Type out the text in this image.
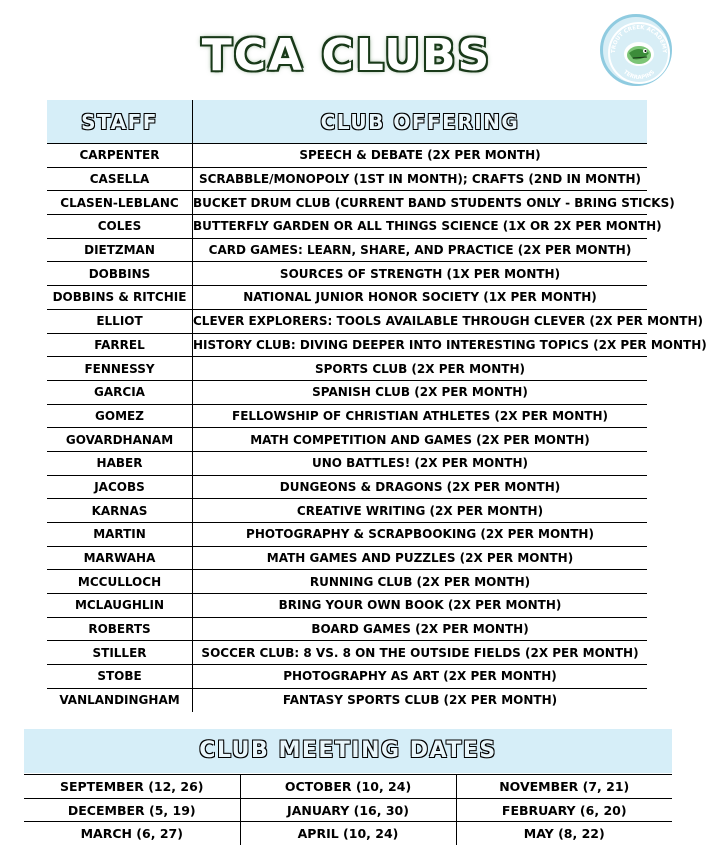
TCA CLUBS	TROUT CREEK ACADEMY
TERRAPINS
STAFF	CLUB OFFERING
CARPENTER	SPEECH & DEBATE (2X PER MONTH)
CASELLA	SCRABBLE/MONOPOLY (1ST IN MONTH); CRAFTS (2ND IN MONTH)
CLASEN-LEBLANC	BUCKET DRUM CLUB (CURRENT BAND STUDENTS ONLY - BRING STICKS)
COLES	BUTTERFLY GARDEN OR ALL THINGS SCIENCE (1X OR 2X PER MONTH)
DIETZMAN	CARD GAMES: LEARN, SHARE, AND PRACTICE (2X PER MONTH)
DOBBINS	SOURCES OF STRENGTH (1X PER MONTH)
DOBBINS & RITCHIE	NATIONAL JUNIOR HONOR SOCIETY (1X PER MONTH)
ELLIOT	CLEVER EXPLORERS: TOOLS AVAILABLE THROUGH CLEVER (2X PER MONTH)
FARREL	HISTORY CLUB: DIVING DEEPER INTO INTERESTING TOPICS (2X PER MONTH)
FENNESSY	SPORTS CLUB (2X PER MONTH)
GARCIA	SPANISH CLUB (2X PER MONTH)
GOMEZ	FELLOWSHIP OF CHRISTIAN ATHLETES (2X PER MONTH)
GOVARDHANAM	MATH COMPETITION AND GAMES (2X PER MONTH)
HABER	UNO BATTLES! (2X PER MONTH)
JACOBS	DUNGEONS & DRAGONS (2X PER MONTH)
KARNAS	CREATIVE WRITING (2X PER MONTH)
MARTIN	PHOTOGRAPHY & SCRAPBOOKING (2X PER MONTH)
MARWAHA	MATH GAMES AND PUZZLES (2X PER MONTH)
MCCULLOCH	RUNNING CLUB (2X PER MONTH)
MCLAUGHLIN	BRING YOUR OWN BOOK (2X PER MONTH)
ROBERTS	BOARD GAMES (2X PER MONTH)
STILLER	SOCCER CLUB: 8 VS. 8 ON THE OUTSIDE FIELDS (2X PER MONTH)
STOBE	PHOTOGRAPHY AS ART (2X PER MONTH)
VANLANDINGHAM	FANTASY SPORTS CLUB (2X PER MONTH)
CLUB MEETING DATES
SEPTEMBER (12, 26)	OCTOBER (10, 24)	NOVEMBER (7, 21)
DECEMBER (5, 19)	JANUARY (16, 30)	FEBRUARY (6, 20)
MARCH (6, 27)	APRIL (10, 24)	MAY (8, 22)
